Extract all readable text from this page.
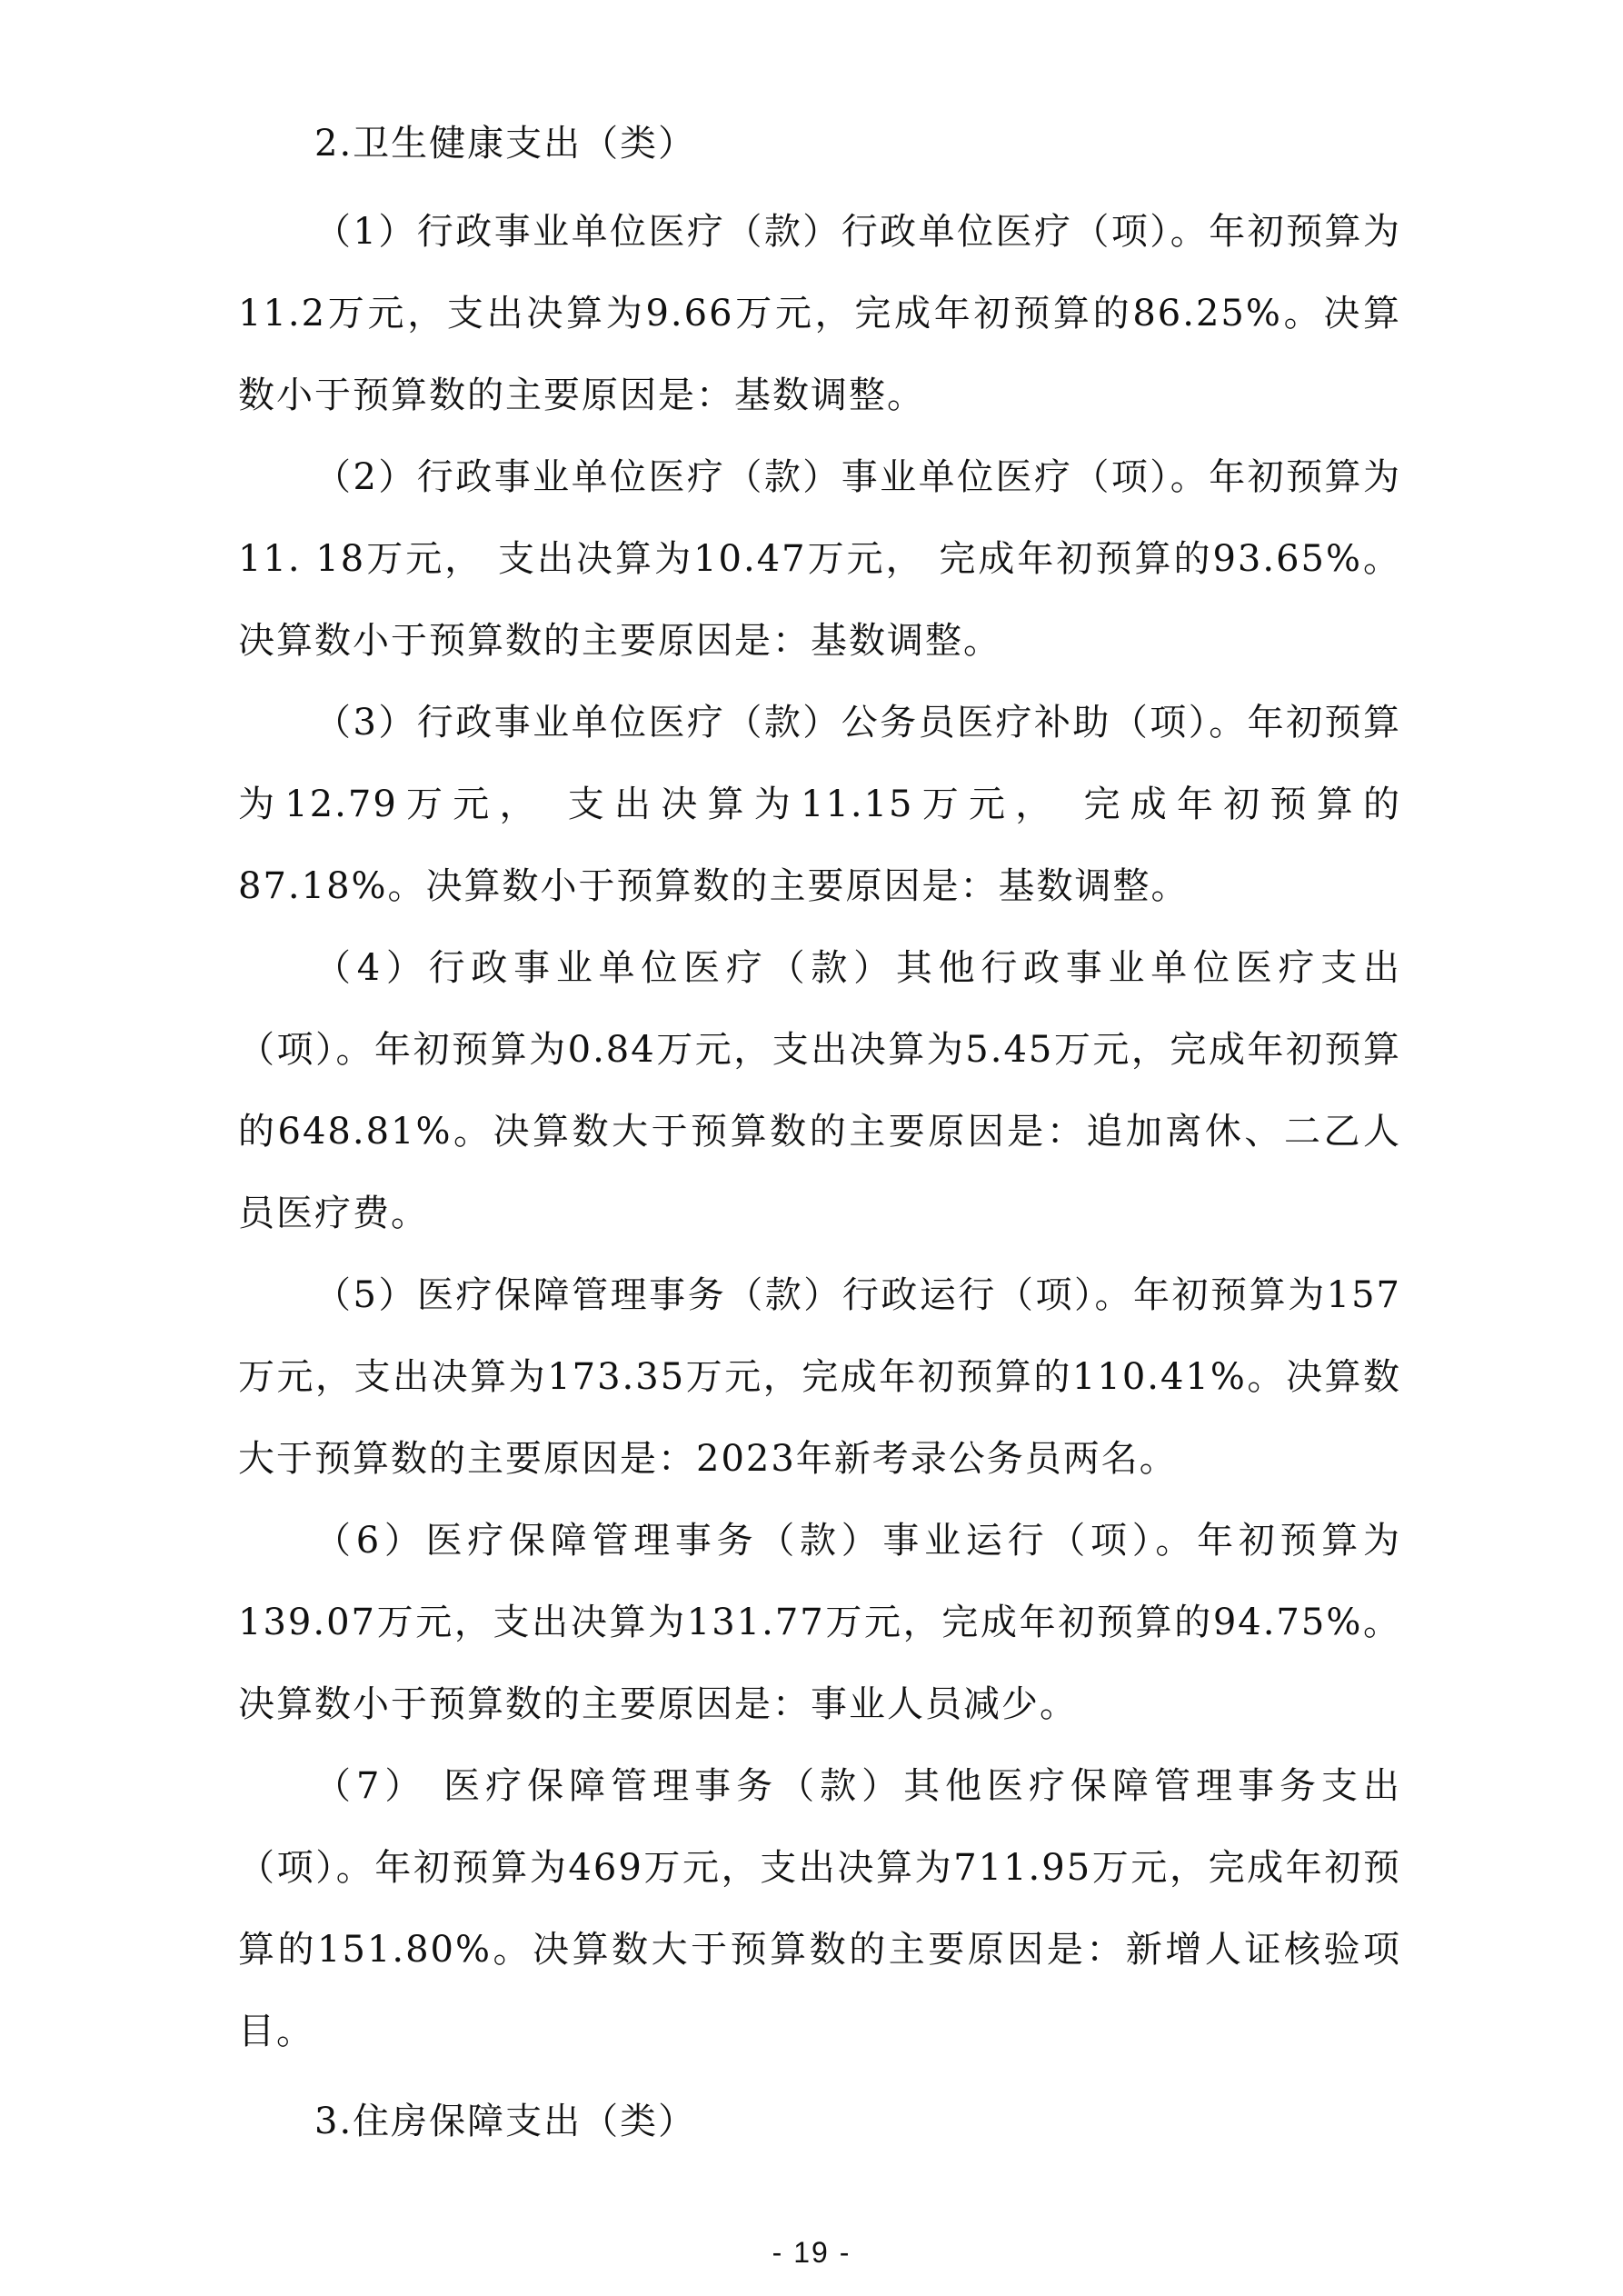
2.卫生健康支出（类）

（1）行政事业单位医疗（款）行政单位医疗（项）。年初预算为11.2万元，支出决算为9.66万元，完成年初预算的86.25%。决算数小于预算数的主要原因是：基数调整。

（2）行政事业单位医疗（款）事业单位医疗（项）。年初预算为11. 18万元， 支出决算为10.47万元， 完成年初预算的93.65%。决算数小于预算数的主要原因是：基数调整。

（3）行政事业单位医疗（款）公务员医疗补助（项）。年初预算为12.79万元， 支出决算为11.15万元， 完成年初预算的87.18%。决算数小于预算数的主要原因是：基数调整。

（4）行政事业单位医疗（款）其他行政事业单位医疗支出（项）。年初预算为0.84万元，支出决算为5.45万元，完成年初预算的648.81%。决算数大于预算数的主要原因是：追加离休、二乙人员医疗费。

（5）医疗保障管理事务（款）行政运行（项）。年初预算为157万元，支出决算为173.35万元，完成年初预算的110.41%。决算数大于预算数的主要原因是：2023年新考录公务员两名。

（6）医疗保障管理事务（款）事业运行（项）。年初预算为139.07万元，支出决算为131.77万元，完成年初预算的94.75%。决算数小于预算数的主要原因是：事业人员减少。

（7） 医疗保障管理事务（款）其他医疗保障管理事务支出（项）。年初预算为469万元，支出决算为711.95万元，完成年初预算的151.80%。决算数大于预算数的主要原因是：新增人证核验项目。

3.住房保障支出（类）

- 19 -
